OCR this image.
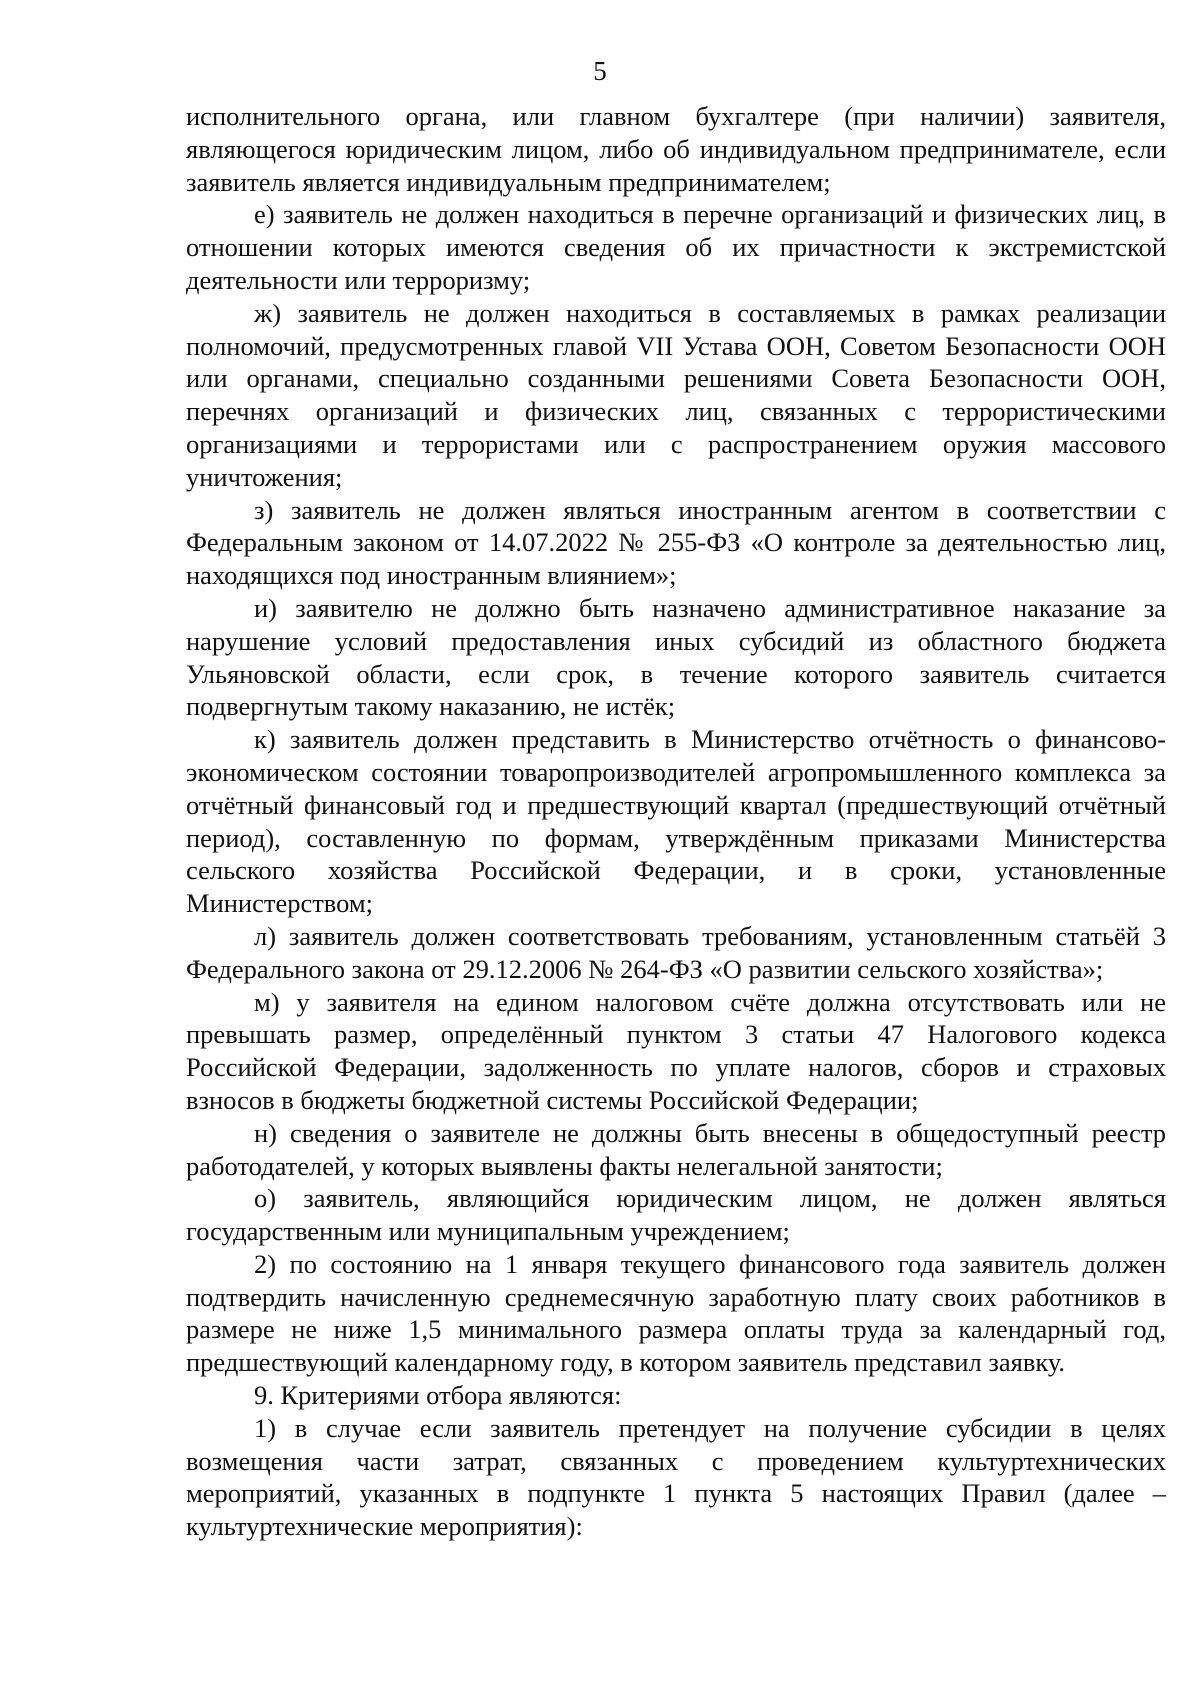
5

исполнительного органа, или главном бухгалтере (при наличии) заявителя, являющегося юридическим лицом, либо об индивидуальном предпринимателе, если заявитель является индивидуальным предпринимателем;

е) заявитель не должен находиться в перечне организаций и физических лиц, в отношении которых имеются сведения об их причастности к экстремистской деятельности или терроризму;

ж) заявитель не должен находиться в составляемых в рамках реализации полномочий, предусмотренных главой VII Устава ООН, Советом Безопасности ООН или органами, специально созданными решениями Совета Безопасности ООН, перечнях организаций и физических лиц, связанных с террористическими организациями и террористами или с распространением оружия массового уничтожения;

з) заявитель не должен являться иностранным агентом в соответствии с Федеральным законом от 14.07.2022 № 255-ФЗ «О контроле за деятельностью лиц, находящихся под иностранным влиянием»;

и) заявителю не должно быть назначено административное наказание за нарушение условий предоставления иных субсидий из областного бюджета Ульяновской области, если срок, в течение которого заявитель считается подвергнутым такому наказанию, не истёк;

к) заявитель должен представить в Министерство отчётность о финансово-экономическом состоянии товаропроизводителей агропромышленного комплекса за отчётный финансовый год и предшествующий квартал (предшествующий отчётный период), составленную по формам, утверждённым приказами Министерства сельского хозяйства Российской Федерации, и в сроки, установленные Министерством;

л) заявитель должен соответствовать требованиям, установленным статьёй 3 Федерального закона от 29.12.2006 № 264-ФЗ «О развитии сельского хозяйства»;

м) у заявителя на едином налоговом счёте должна отсутствовать или не превышать размер, определённый пунктом 3 статьи 47 Налогового кодекса Российской Федерации, задолженность по уплате налогов, сборов и страховых взносов в бюджеты бюджетной системы Российской Федерации;

н) сведения о заявителе не должны быть внесены в общедоступный реестр работодателей, у которых выявлены факты нелегальной занятости;

о) заявитель, являющийся юридическим лицом, не должен являться государственным или муниципальным учреждением;

2) по состоянию на 1 января текущего финансового года заявитель должен подтвердить начисленную среднемесячную заработную плату своих работников в размере не ниже 1,5 минимального размера оплаты труда за календарный год, предшествующий календарному году, в котором заявитель представил заявку.

9. Критериями отбора являются:

1) в случае если заявитель претендует на получение субсидии в целях возмещения части затрат, связанных с проведением культуртехнических мероприятий, указанных в подпункте 1 пункта 5 настоящих Правил (далее – культуртехнические мероприятия):
